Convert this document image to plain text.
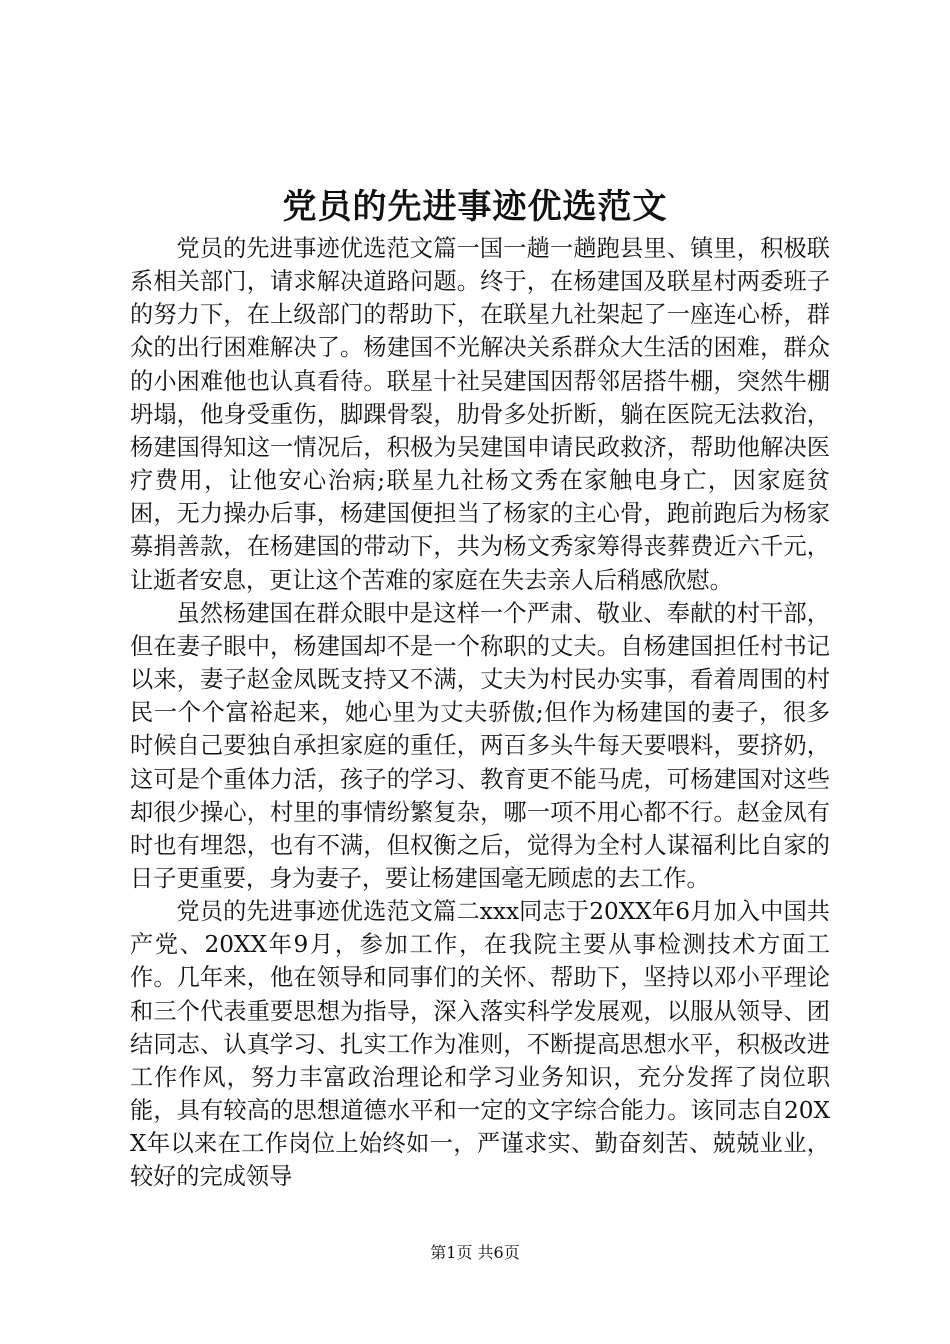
党员的先进事迹优选范文

党员的先进事迹优选范文篇一国一趟一趟跑县里、镇里，积极联系相关部门，请求解决道路问题。终于，在杨建国及联星村两委班子的努力下，在上级部门的帮助下，在联星九社架起了一座连心桥，群众的出行困难解决了。杨建国不光解决关系群众大生活的困难，群众的小困难他也认真看待。联星十社吴建国因帮邻居搭牛棚，突然牛棚坍塌，他身受重伤，脚踝骨裂，肋骨多处折断，躺在医院无法救治，杨建国得知这一情况后，积极为吴建国申请民政救济，帮助他解决医疗费用，让他安心治病;联星九社杨文秀在家触电身亡，因家庭贫困，无力操办后事，杨建国便担当了杨家的主心骨，跑前跑后为杨家募捐善款，在杨建国的带动下，共为杨文秀家筹得丧葬费近六千元，让逝者安息，更让这个苦难的家庭在失去亲人后稍感欣慰。

虽然杨建国在群众眼中是这样一个严肃、敬业、奉献的村干部，但在妻子眼中，杨建国却不是一个称职的丈夫。自杨建国担任村书记以来，妻子赵金凤既支持又不满，丈夫为村民办实事，看着周围的村民一个个富裕起来，她心里为丈夫骄傲;但作为杨建国的妻子，很多时候自己要独自承担家庭的重任，两百多头牛每天要喂料，要挤奶，这可是个重体力活，孩子的学习、教育更不能马虎，可杨建国对这些却很少操心，村里的事情纷繁复杂，哪一项不用心都不行。赵金凤有时也有埋怨，也有不满，但权衡之后，觉得为全村人谋福利比自家的日子更重要，身为妻子，要让杨建国毫无顾虑的去工作。

党员的先进事迹优选范文篇二xxx同志于20XX年6月加入中国共产党、20XX年9月，参加工作，在我院主要从事检测技术方面工作。几年来，他在领导和同事们的关怀、帮助下，坚持以邓小平理论和三个代表重要思想为指导，深入落实科学发展观，以服从领导、团结同志、认真学习、扎实工作为准则，不断提高思想水平，积极改进工作作风，努力丰富政治理论和学习业务知识，充分发挥了岗位职能，具有较高的思想道德水平和一定的文字综合能力。该同志自20XX年以来在工作岗位上始终如一，严谨求实、勤奋刻苦、兢兢业业，较好的完成领导

第1页 共6页
